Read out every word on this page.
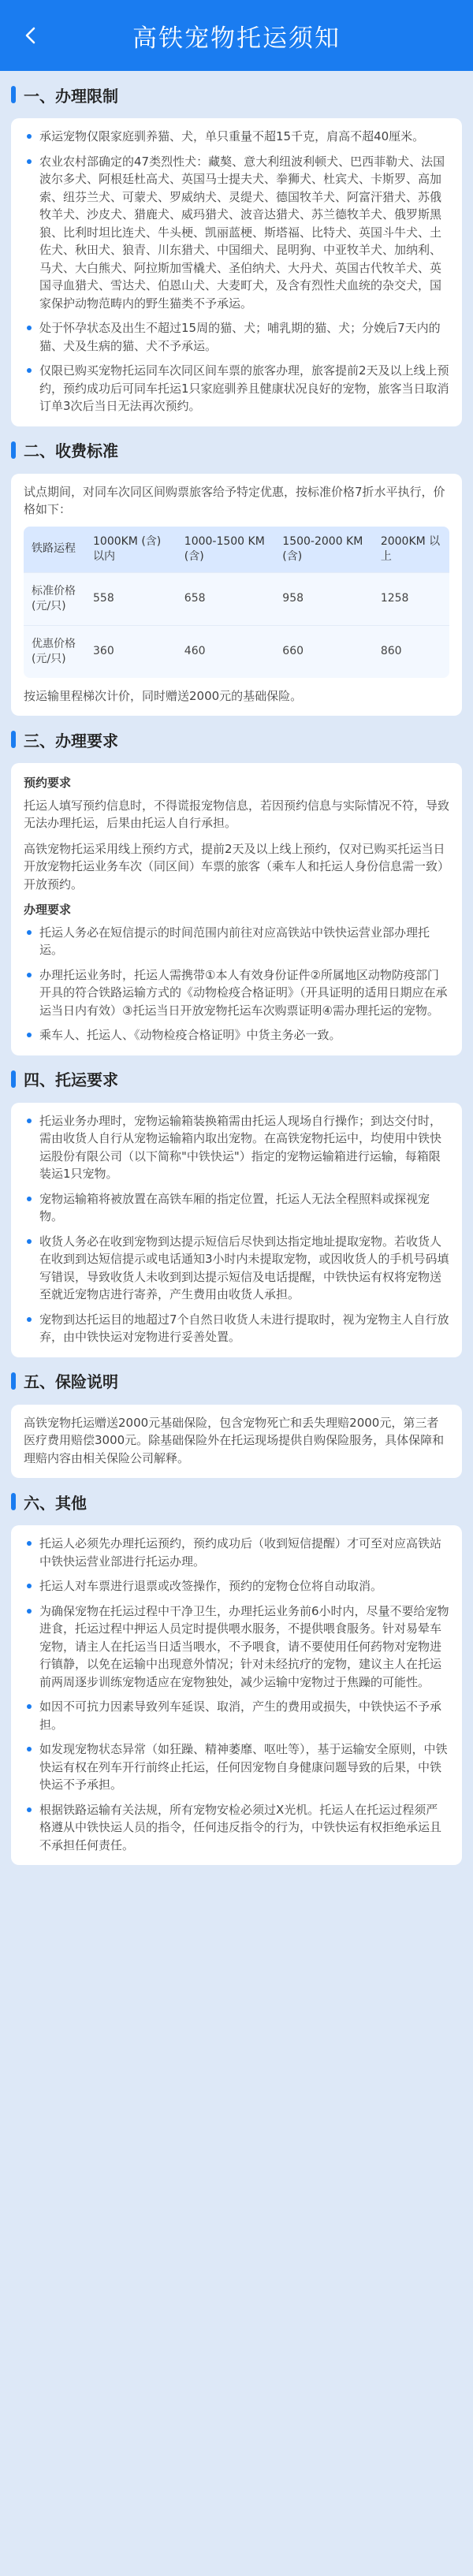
高铁宠物托运须知
一、办理限制
承运宠物仅限家庭驯养猫、犬，单只重量不超15千克，肩高不超40厘米。
农业农村部确定的47类烈性犬：藏獒、意大利纽波利顿犬、巴西菲勒犬、法国波尔多犬、阿根廷杜高犬、英国马士提夫犬、拳狮犬、杜宾犬、卡斯罗、高加索、纽芬兰犬、可蒙犬、罗威纳犬、灵缇犬、德国牧羊犬、阿富汗猎犬、苏俄牧羊犬、沙皮犬、猎鹿犬、威玛猎犬、波音达猎犬、苏兰德牧羊犬、俄罗斯黑狼、比利时坦比连犬、牛头梗、凯丽蓝梗、斯塔福、比特犬、英国斗牛犬、土佐犬、秋田犬、狼青、川东猎犬、中国细犬、昆明狗、中亚牧羊犬、加纳利、马犬、大白熊犬、阿拉斯加雪橇犬、圣伯纳犬、大丹犬、英国古代牧羊犬、英国寻血猎犬、雪达犬、伯恩山犬、大麦町犬，及含有烈性犬血统的杂交犬，国家保护动物范畴内的野生猫类不予承运。
处于怀孕状态及出生不超过15周的猫、犬；哺乳期的猫、犬；分娩后7天内的猫、犬及生病的猫、犬不予承运。
仅限已购买宠物托运同车次同区间车票的旅客办理，旅客提前2天及以上线上预约，预约成功后可同车托运1只家庭驯养且健康状况良好的宠物，旅客当日取消订单3次后当日无法再次预约。
二、收费标准
试点期间，对同车次同区间购票旅客给予特定优惠，按标准价格7折水平执行，价格如下：
铁路运程	1000KM (含)以内	1000-1500 KM (含)	1500-2000 KM (含)	2000KM 以上
标准价格 (元/只)	558	658	958	1258
优惠价格 (元/只)	360	460	660	860
按运输里程梯次计价，同时赠送2000元的基础保险。
三、办理要求
预约要求
托运人填写预约信息时，不得谎报宠物信息，若因预约信息与实际情况不符，导致无法办理托运，后果由托运人自行承担。
高铁宠物托运采用线上预约方式，提前2天及以上线上预约，仅对已购买托运当日开放宠物托运业务车次（同区间）车票的旅客（乘车人和托运人身份信息需一致）开放预约。
办理要求
托运人务必在短信提示的时间范围内前往对应高铁站中铁快运营业部办理托运。
办理托运业务时，托运人需携带①本人有效身份证件②所属地区动物防疫部门开具的符合铁路运输方式的《动物检疫合格证明》（开具证明的适用日期应在承运当日内有效）③托运当日开放宠物托运车次购票证明④需办理托运的宠物。
乘车人、托运人、《动物检疫合格证明》中货主务必一致。
四、托运要求
托运业务办理时，宠物运输箱装换箱需由托运人现场自行操作；到达交付时，需由收货人自行从宠物运输箱内取出宠物。在高铁宠物托运中，均使用中铁快运股份有限公司（以下简称"中铁快运"）指定的宠物运输箱进行运输，每箱限装运1只宠物。
宠物运输箱将被放置在高铁车厢的指定位置，托运人无法全程照料或探视宠物。
收货人务必在收到宠物到达提示短信后尽快到达指定地址提取宠物。若收货人在收到到达短信提示或电话通知3小时内未提取宠物，或因收货人的手机号码填写错误，导致收货人未收到到达提示短信及电话提醒，中铁快运有权将宠物送至就近宠物店进行寄养，产生费用由收货人承担。
宠物到达托运目的地超过7个自然日收货人未进行提取时，视为宠物主人自行放弃，由中铁快运对宠物进行妥善处置。
五、保险说明
高铁宠物托运赠送2000元基础保险，包含宠物死亡和丢失理赔2000元，第三者医疗费用赔偿3000元。除基础保险外在托运现场提供自购保险服务，具体保障和理赔内容由相关保险公司解释。
六、其他
托运人必须先办理托运预约，预约成功后（收到短信提醒）才可至对应高铁站中铁快运营业部进行托运办理。
托运人对车票进行退票或改签操作，预约的宠物仓位将自动取消。
为确保宠物在托运过程中干净卫生，办理托运业务前6小时内，尽量不要给宠物进食，托运过程中押运人员定时提供喂水服务，不提供喂食服务。针对易晕车宠物，请主人在托运当日适当喂水，不予喂食，请不要使用任何药物对宠物进行镇静，以免在运输中出现意外情况；针对未经抗疗的宠物，建议主人在托运前两周逐步训练宠物适应在宠物独处，减少运输中宠物过于焦躁的可能性。
如因不可抗力因素导致列车延误、取消，产生的费用或损失，中铁快运不予承担。
如发现宠物状态异常（如狂躁、精神萎靡、呕吐等），基于运输安全原则，中铁快运有权在列车开行前终止托运，任何因宠物自身健康问题导致的后果，中铁快运不予承担。
根据铁路运输有关法规，所有宠物安检必须过X光机。托运人在托运过程须严格遵从中铁快运人员的指令，任何违反指令的行为，中铁快运有权拒绝承运且不承担任何责任。
